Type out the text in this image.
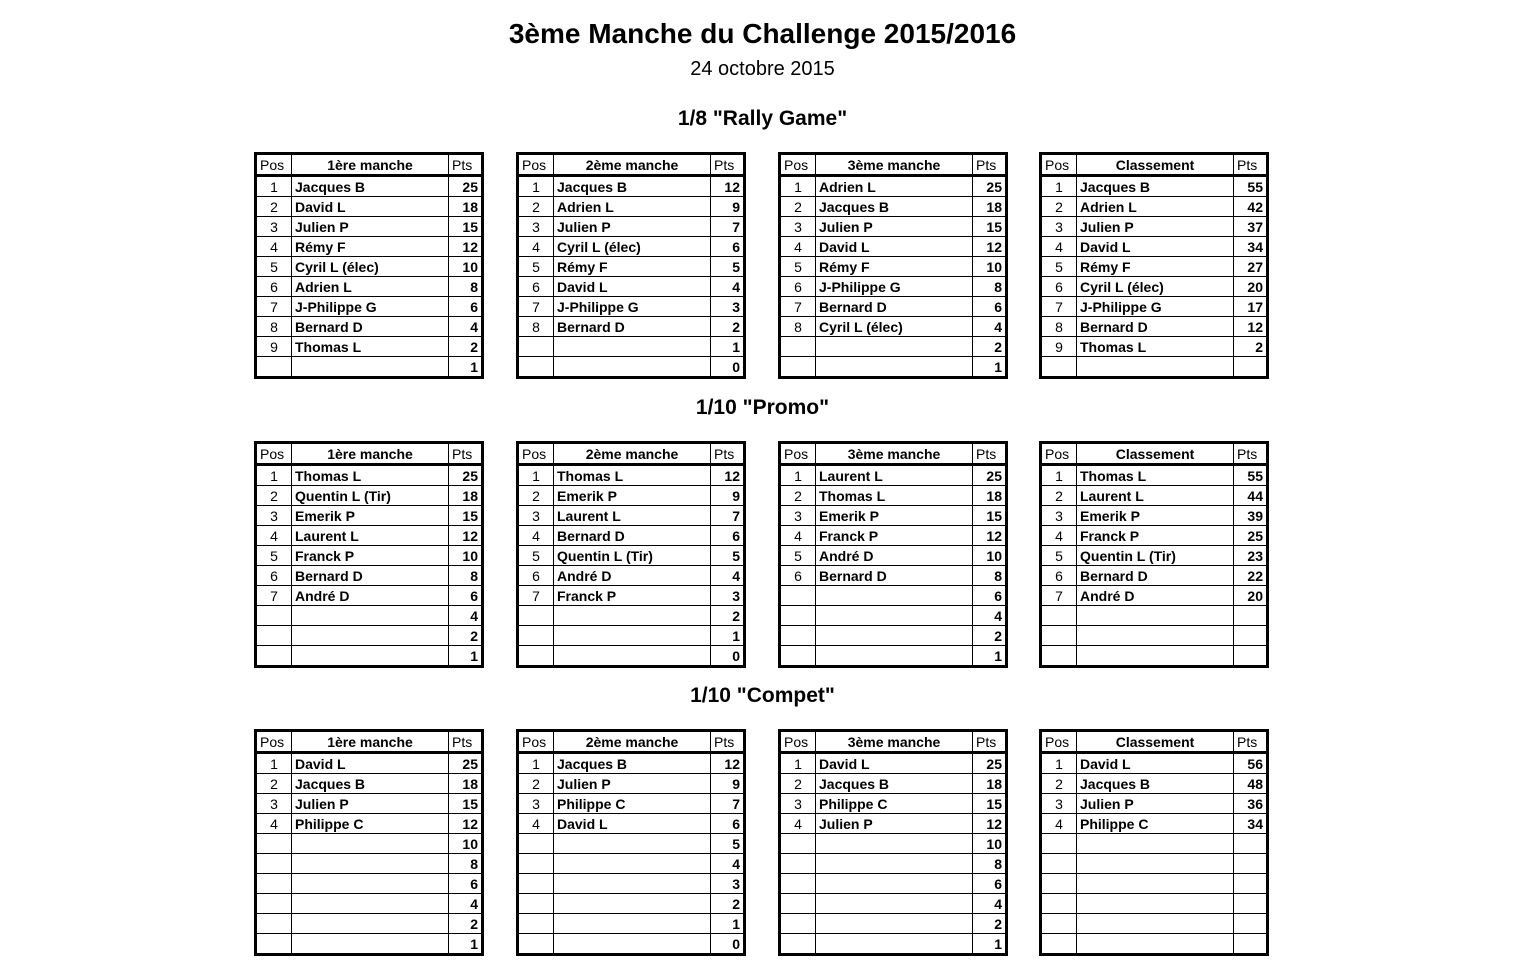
3ème Manche du Challenge 2015/2016
24 octobre 2015
1/8 "Rally Game"
Pos	1ère manche	Pts
1	Jacques B	25
2	David L	18
3	Julien P	15
4	Rémy F	12
5	Cyril L (élec)	10
6	Adrien L	8
7	J-Philippe G	6
8	Bernard D	4
9	Thomas L	2
		1
Pos	2ème manche	Pts
1	Jacques B	12
2	Adrien L	9
3	Julien P	7
4	Cyril L (élec)	6
5	Rémy F	5
6	David L	4
7	J-Philippe G	3
8	Bernard D	2
		1
		0
Pos	3ème manche	Pts
1	Adrien L	25
2	Jacques B	18
3	Julien P	15
4	David L	12
5	Rémy F	10
6	J-Philippe G	8
7	Bernard D	6
8	Cyril L (élec)	4
		2
		1
Pos	Classement	Pts
1	Jacques B	55
2	Adrien L	42
3	Julien P	37
4	David L	34
5	Rémy F	27
6	Cyril L (élec)	20
7	J-Philippe G	17
8	Bernard D	12
9	Thomas L	2

1/10 "Promo"
Pos	1ère manche	Pts
1	Thomas L	25
2	Quentin L (Tir)	18
3	Emerik P	15
4	Laurent L	12
5	Franck P	10
6	Bernard D	8
7	André D	6
		4
		2
		1
Pos	2ème manche	Pts
1	Thomas L	12
2	Emerik P	9
3	Laurent L	7
4	Bernard D	6
5	Quentin L (Tir)	5
6	André D	4
7	Franck P	3
		2
		1
		0
Pos	3ème manche	Pts
1	Laurent L	25
2	Thomas L	18
3	Emerik P	15
4	Franck P	12
5	André D	10
6	Bernard D	8
		6
		4
		2
		1
Pos	Classement	Pts
1	Thomas L	55
2	Laurent L	44
3	Emerik P	39
4	Franck P	25
5	Quentin L (Tir)	23
6	Bernard D	22
7	André D	20

1/10 "Compet"
Pos	1ère manche	Pts
1	David L	25
2	Jacques B	18
3	Julien P	15
4	Philippe C	12
		10
		8
		6
		4
		2
		1
Pos	2ème manche	Pts
1	Jacques B	12
2	Julien P	9
3	Philippe C	7
4	David L	6
		5
		4
		3
		2
		1
		0
Pos	3ème manche	Pts
1	David L	25
2	Jacques B	18
3	Philippe C	15
4	Julien P	12
		10
		8
		6
		4
		2
		1
Pos	Classement	Pts
1	David L	56
2	Jacques B	48
3	Julien P	36
4	Philippe C	34
